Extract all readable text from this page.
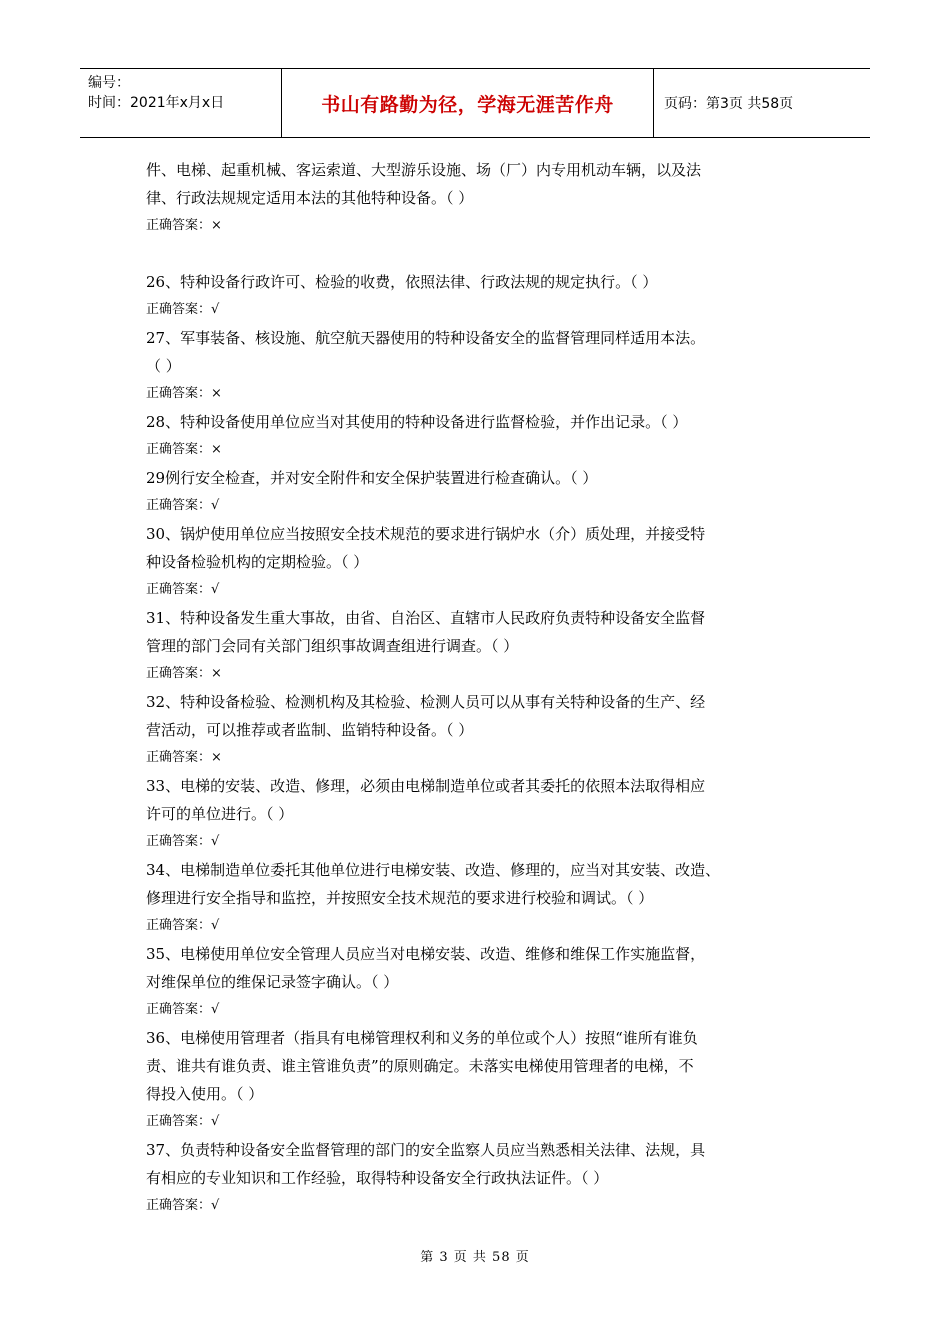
编号：
时间：2021年x月x日	书山有路勤为径，学海无涯苦作舟	页码：第3页 共58页
件、电梯、起重机械、客运索道、大型游乐设施、场（厂）内专用机动车辆，以及法
律、行政法规规定适用本法的其他特种设备。（ ）
正确答案：×
26、特种设备行政许可、检验的收费，依照法律、行政法规的规定执行。（ ）
正确答案：√
27、军事装备、核设施、航空航天器使用的特种设备安全的监督管理同样适用本法。
（ ）
正确答案：×
28、特种设备使用单位应当对其使用的特种设备进行监督检验，并作出记录。（ ）
正确答案：×
29例行安全检查，并对安全附件和安全保护装置进行检查确认。（ ）
正确答案：√
30、锅炉使用单位应当按照安全技术规范的要求进行锅炉水（介）质处理，并接受特
种设备检验机构的定期检验。（ ）
正确答案：√
31、特种设备发生重大事故，由省、自治区、直辖市人民政府负责特种设备安全监督
管理的部门会同有关部门组织事故调查组进行调查。（ ）
正确答案：×
32、特种设备检验、检测机构及其检验、检测人员可以从事有关特种设备的生产、经
营活动，可以推荐或者监制、监销特种设备。（ ）
正确答案：×
33、电梯的安装、改造、修理，必须由电梯制造单位或者其委托的依照本法取得相应
许可的单位进行。（ ）
正确答案：√
34、电梯制造单位委托其他单位进行电梯安装、改造、修理的，应当对其安装、改造、
修理进行安全指导和监控，并按照安全技术规范的要求进行校验和调试。（ ）
正确答案：√
35、电梯使用单位安全管理人员应当对电梯安装、改造、维修和维保工作实施监督，
对维保单位的维保记录签字确认。（ ）
正确答案：√
36、电梯使用管理者（指具有电梯管理权利和义务的单位或个人）按照“谁所有谁负
责、谁共有谁负责、谁主管谁负责”的原则确定。未落实电梯使用管理者的电梯，不
得投入使用。（ ）
正确答案：√
37、负责特种设备安全监督管理的部门的安全监察人员应当熟悉相关法律、法规，具
有相应的专业知识和工作经验，取得特种设备安全行政执法证件。（ ）
正确答案：√
第 3 页 共 58 页
